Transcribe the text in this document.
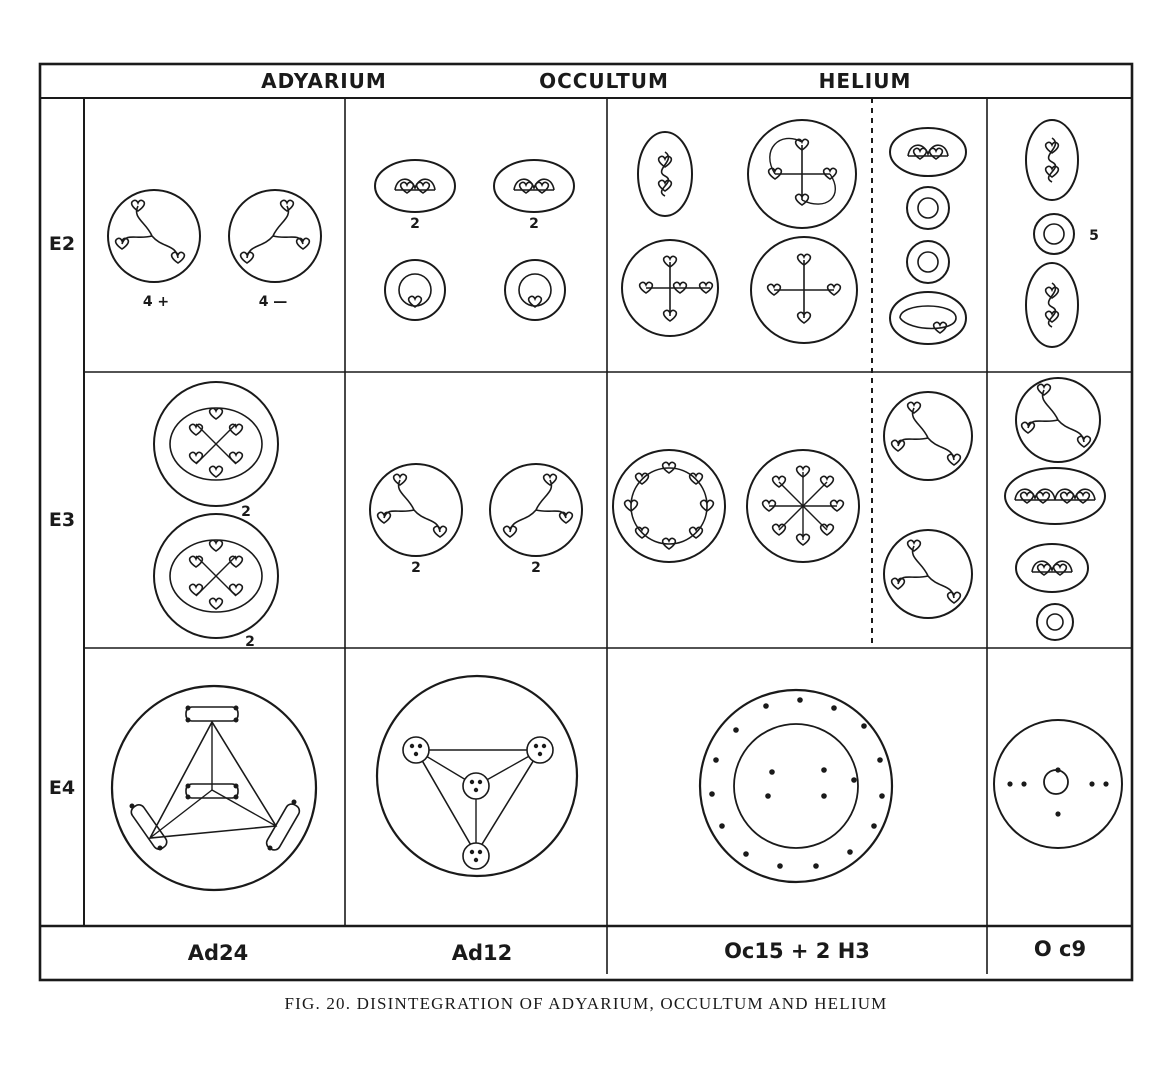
ADYARIUM	OCCULTUM	HELIUM
E2
E3
E4
4 +	4 —
2	2
5
2
2
2	2
Ad24	Ad12	Oc15 + 2 H3	O c9
FIG. 20. DISINTEGRATION OF ADYARIUM, OCCULTUM AND HELIUM
